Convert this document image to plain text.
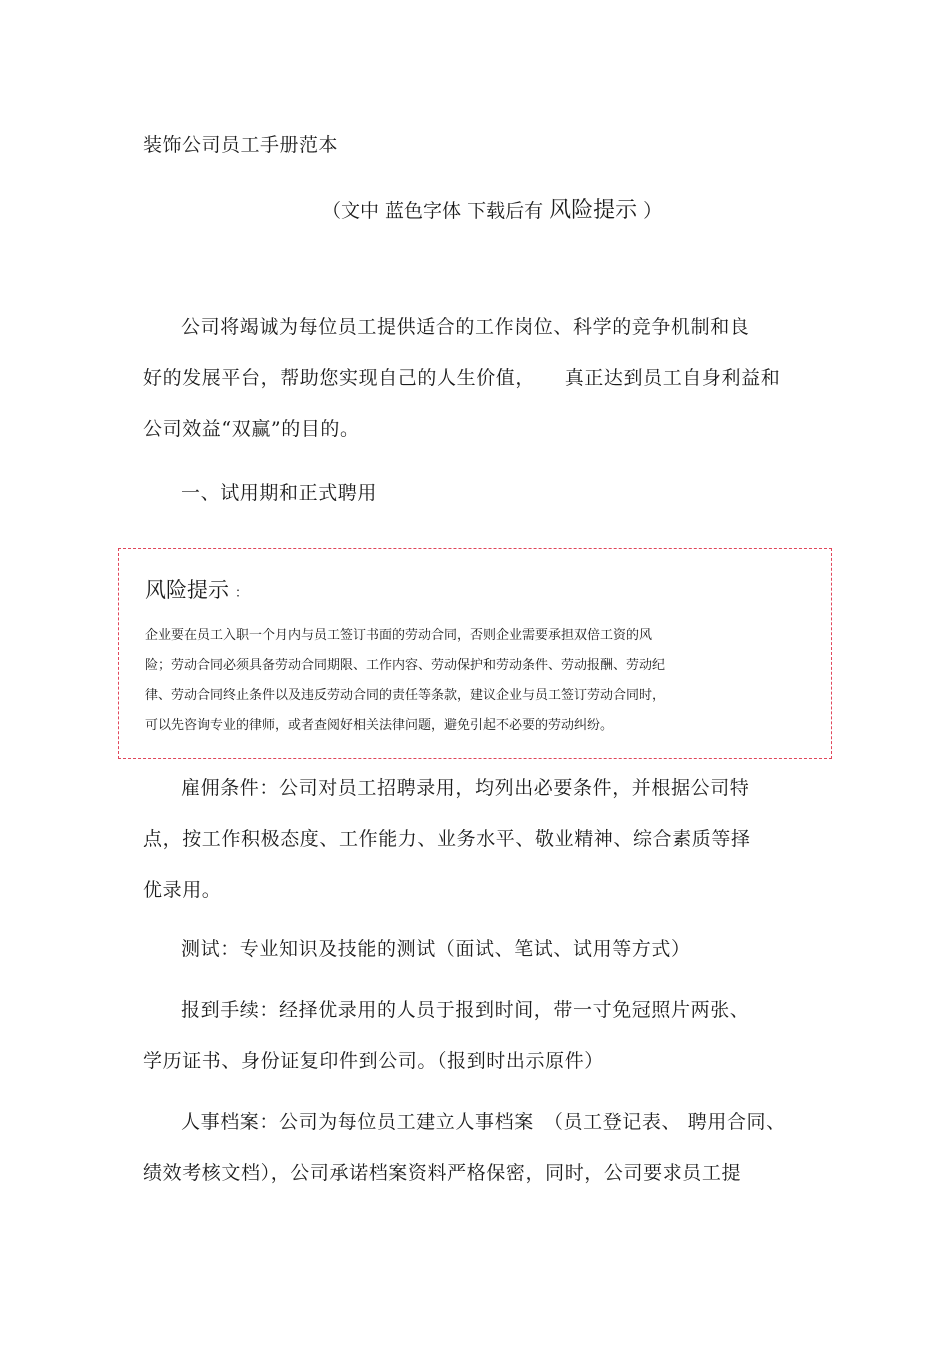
装饰公司员工手册范本
（文中 蓝色字体 下载后有 风险提示 ）
公司将竭诚为每位员工提供适合的工作岗位、科学的竞争机制和良
好的发展平台，帮助您实现自己的人生价值，　　真正达到员工自身利益和
公司效益“双赢”的目的。
一、试用期和正式聘用
风险提示 ：
企业要在员工入职一个月内与员工签订书面的劳动合同，否则企业需要承担双倍工资的风
险；劳动合同必须具备劳动合同期限、工作内容、劳动保护和劳动条件、劳动报酬、劳动纪
律、劳动合同终止条件以及违反劳动合同的责任等条款，建议企业与员工签订劳动合同时，
可以先咨询专业的律师，或者查阅好相关法律问题，避免引起不必要的劳动纠纷。
雇佣条件：公司对员工招聘录用，均列出必要条件，并根据公司特
点，按工作积极态度、工作能力、业务水平、敬业精神、综合素质等择
优录用。
测试：专业知识及技能的测试（面试、笔试、试用等方式）
报到手续：经择优录用的人员于报到时间，带一寸免冠照片两张、
学历证书、身份证复印件到公司。（报到时出示原件）
人事档案：公司为每位员工建立人事档案　（员工登记表、 聘用合同、
绩效考核文档），公司承诺档案资料严格保密，同时，公司要求员工提
